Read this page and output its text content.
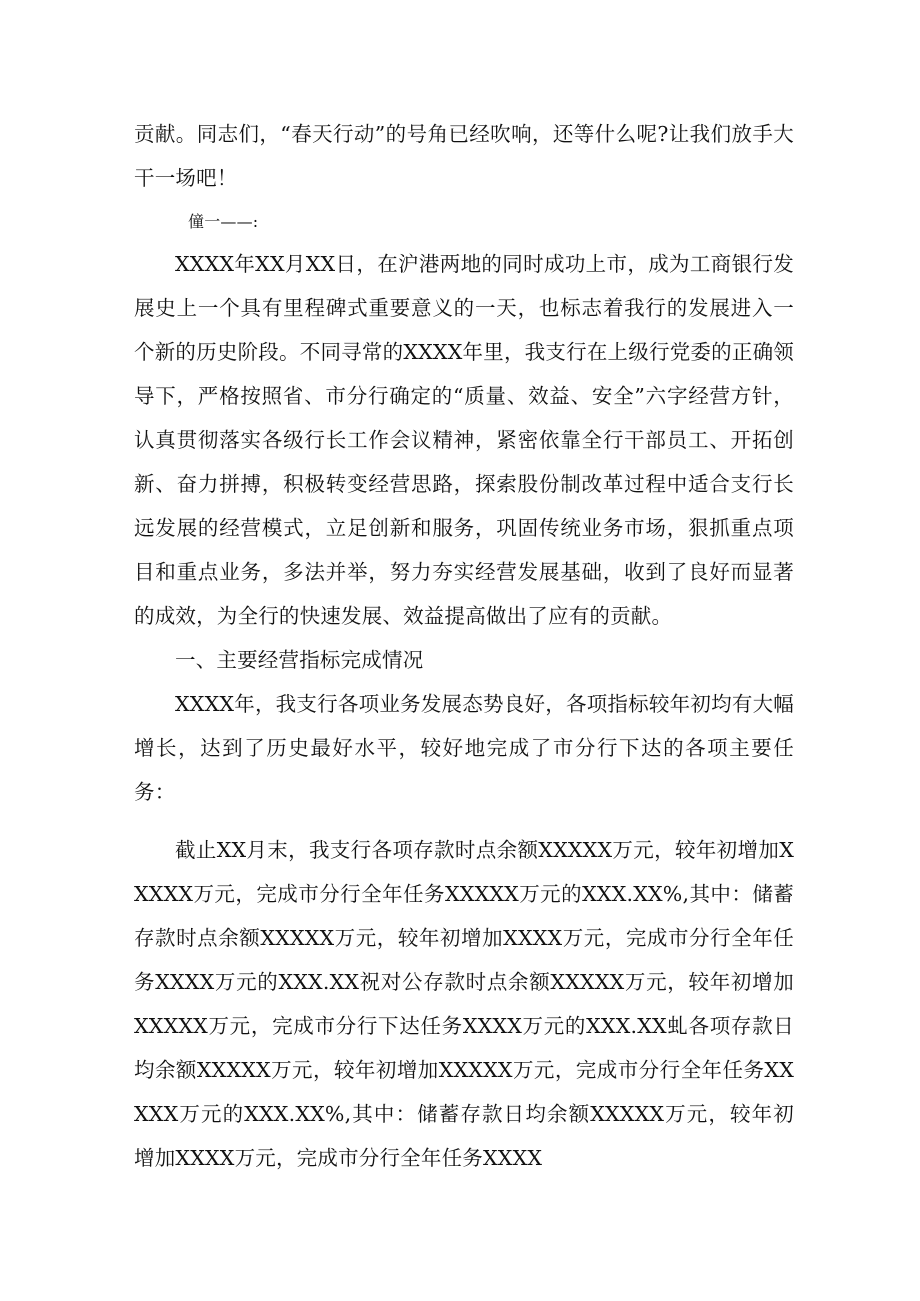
贡献。同志们，“春天行动”的号角已经吹响，还等什么呢?让我们放手大干一场吧！

僮一——:

XXXX年XX月XX日，在沪港两地的同时成功上市，成为工商银行发展史上一个具有里程碑式重要意义的一天，也标志着我行的发展进入一个新的历史阶段。不同寻常的XXXX年里，我支行在上级行党委的正确领导下，严格按照省、市分行确定的“质量、效益、安全”六字经营方针，认真贯彻落实各级行长工作会议精神，紧密依靠全行干部员工、开拓创新、奋力拼搏，积极转变经营思路，探索股份制改革过程中适合支行长远发展的经营模式，立足创新和服务，巩固传统业务市场，狠抓重点项目和重点业务，多法并举，努力夯实经营发展基础，收到了良好而显著的成效，为全行的快速发展、效益提高做出了应有的贡献。

一、主要经营指标完成情况

XXXX年，我支行各项业务发展态势良好，各项指标较年初均有大幅增长，达到了历史最好水平，较好地完成了市分行下达的各项主要任务：

截止XX月末，我支行各项存款时点余额XXXXX万元，较年初增加XXXXX万元，完成市分行全年任务XXXXX万元的XXX.XX%,其中：储蓄存款时点余额XXXXX万元，较年初增加XXXX万元，完成市分行全年任务XXXX万元的XXX.XX祝对公存款时点余额XXXXX万元，较年初增加XXXXX万元，完成市分行下达任务XXXX万元的XXX.XX虬各项存款日均余额XXXXX万元，较年初增加XXXXX万元，完成市分行全年任务XXXXX万元的XXX.XX%,其中：储蓄存款日均余额XXXXX万元，较年初增加XXXX万元，完成市分行全年任务XXXX
